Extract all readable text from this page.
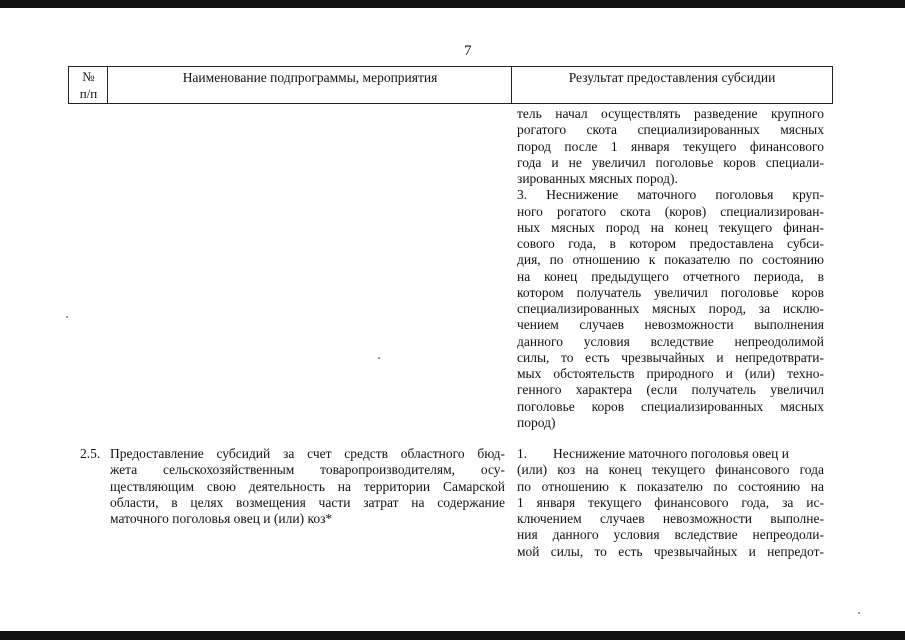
7
№
п/п
Наименование подпрограммы, мероприятия	Результат предоставления субсидии
тель начал осуществлять разведение крупного
рогатого скота специализированных мясных
пород после 1 января текущего финансового
года и не увеличил поголовье коров специали-
зированных мясных пород).
3. Неснижение маточного поголовья круп-
ного рогатого скота (коров) специализирован-
ных мясных пород на конец текущего финан-
сового года, в котором предоставлена субси-
дия, по отношению к показателю по состоянию
на конец предыдущего отчетного периода, в
котором получатель увеличил поголовье коров
специализированных мясных пород, за исклю-
чением случаев невозможности выполнения
данного условия вследствие непреодолимой
силы, то есть чрезвычайных и непредотврати-
мых обстоятельств природного и (или) техно-
генного характера (если получатель увеличил
поголовье коров специализированных мясных
пород)
2.5. Предоставление субсидий за счет средств областного бюд-
жета сельскохозяйственным товаропроизводителям, осу-
ществляющим свою деятельность на территории Самарской
области, в целях возмещения части затрат на содержание
маточного поголовья овец и (или) коз*
1. Неснижение маточного поголовья овец и
(или) коз на конец текущего финансового года
по отношению к показателю по состоянию на
1 января текущего финансового года, за ис-
ключением случаев невозможности выполне-
ния данного условия вследствие непреодоли-
мой силы, то есть чрезвычайных и непредот-
